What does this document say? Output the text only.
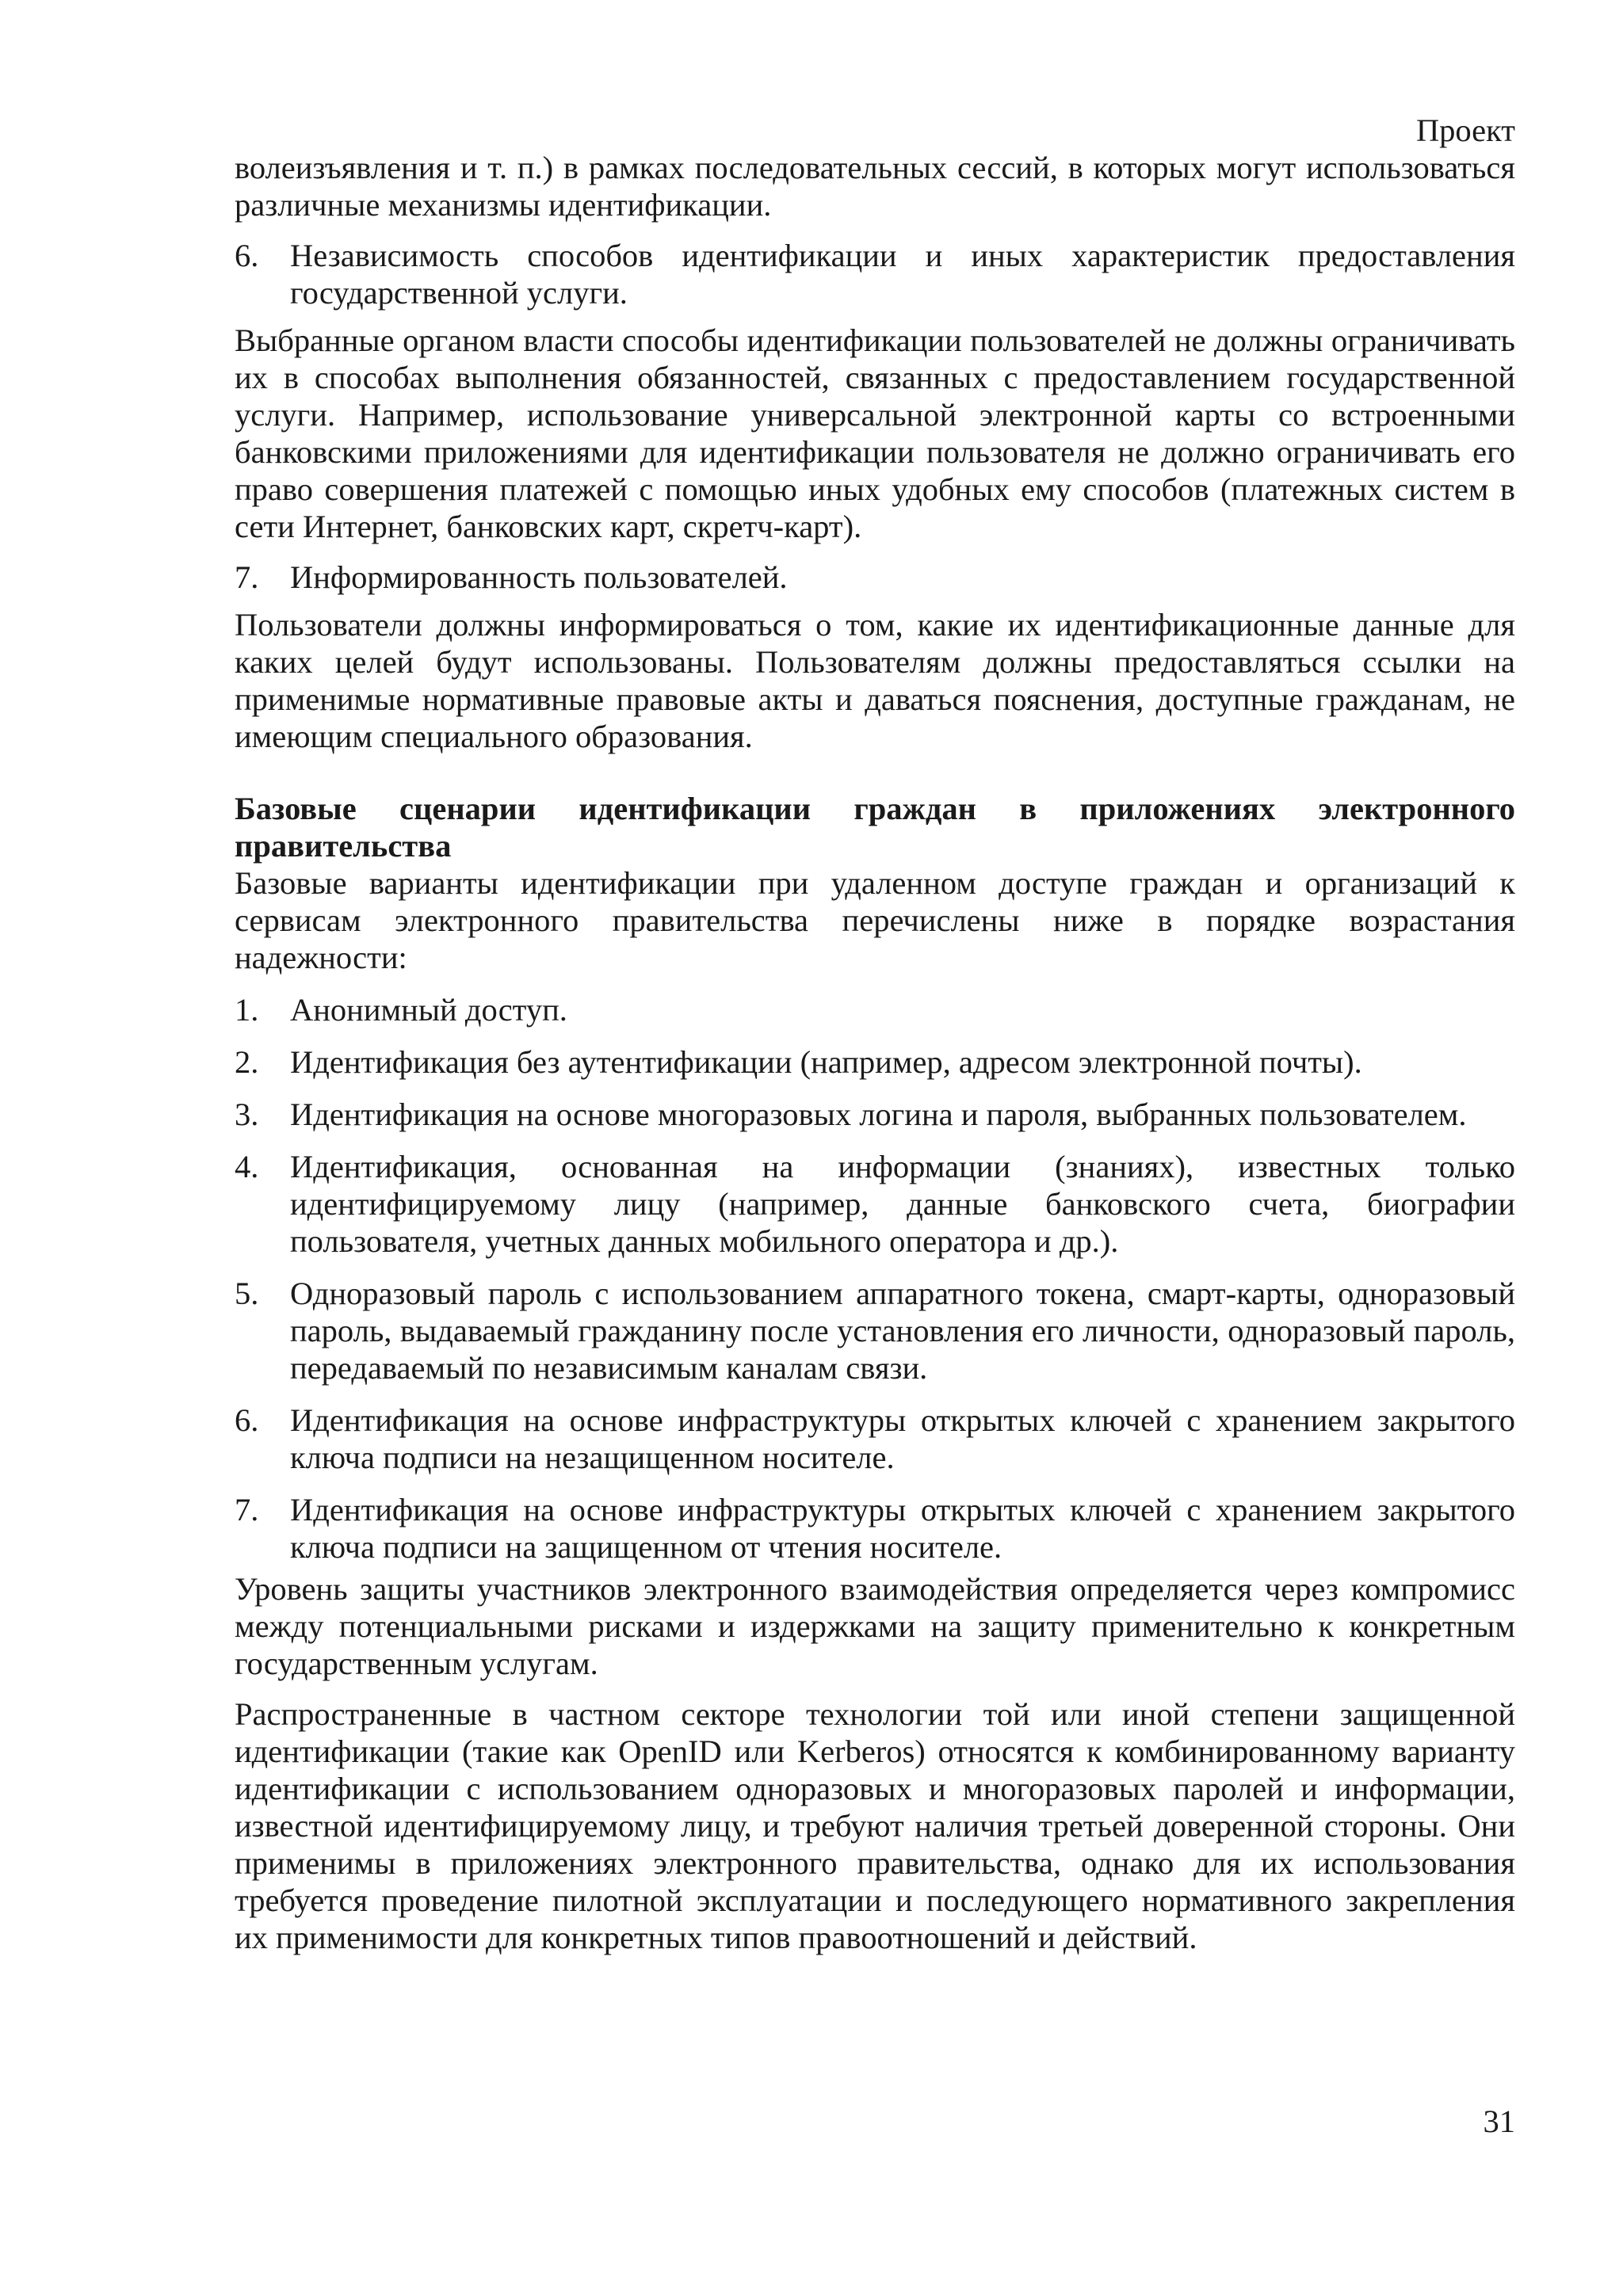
Проект

волеизъявления и т. п.) в рамках последовательных сессий, в которых могут использоваться различные механизмы идентификации.

6. Независимость способов идентификации и иных характеристик предоставления государственной услуги.

Выбранные органом власти способы идентификации пользователей не должны ограничивать их в способах выполнения обязанностей, связанных с предоставлением государственной услуги. Например, использование универсальной электронной карты со встроенными банковскими приложениями для идентификации пользователя не должно ограничивать его право совершения платежей с помощью иных удобных ему способов (платежных систем в сети Интернет, банковских карт, скретч-карт).

7. Информированность пользователей.

Пользователи должны информироваться о том, какие их идентификационные данные для каких целей будут использованы. Пользователям должны предоставляться ссылки на применимые нормативные правовые акты и даваться пояснения, доступные гражданам, не имеющим специального образования.

Базовые сценарии идентификации граждан в приложениях электронного правительства

Базовые варианты идентификации при удаленном доступе граждан и организаций к сервисам электронного правительства перечислены ниже в порядке возрастания надежности:

1. Анонимный доступ.
2. Идентификация без аутентификации (например, адресом электронной почты).
3. Идентификация на основе многоразовых логина и пароля, выбранных пользователем.
4. Идентификация, основанная на информации (знаниях), известных только идентифицируемому лицу (например, данные банковского счета, биографии пользователя, учетных данных мобильного оператора и др.).
5. Одноразовый пароль с использованием аппаратного токена, смарт-карты, одноразовый пароль, выдаваемый гражданину после установления его личности, одноразовый пароль, передаваемый по независимым каналам связи.
6. Идентификация на основе инфраструктуры открытых ключей с хранением закрытого ключа подписи на незащищенном носителе.
7. Идентификация на основе инфраструктуры открытых ключей с хранением закрытого ключа подписи на защищенном от чтения носителе.

Уровень защиты участников электронного взаимодействия определяется через компромисс между потенциальными рисками и издержками на защиту применительно к конкретным государственным услугам.

Распространенные в частном секторе технологии той или иной степени защищенной идентификации (такие как OpenID или Kerberos) относятся к комбинированному варианту идентификации с использованием одноразовых и многоразовых паролей и информации, известной идентифицируемому лицу, и требуют наличия третьей доверенной стороны. Они применимы в приложениях электронного правительства, однако для их использования требуется проведение пилотной эксплуатации и последующего нормативного закрепления их применимости для конкретных типов правоотношений и действий.

31
